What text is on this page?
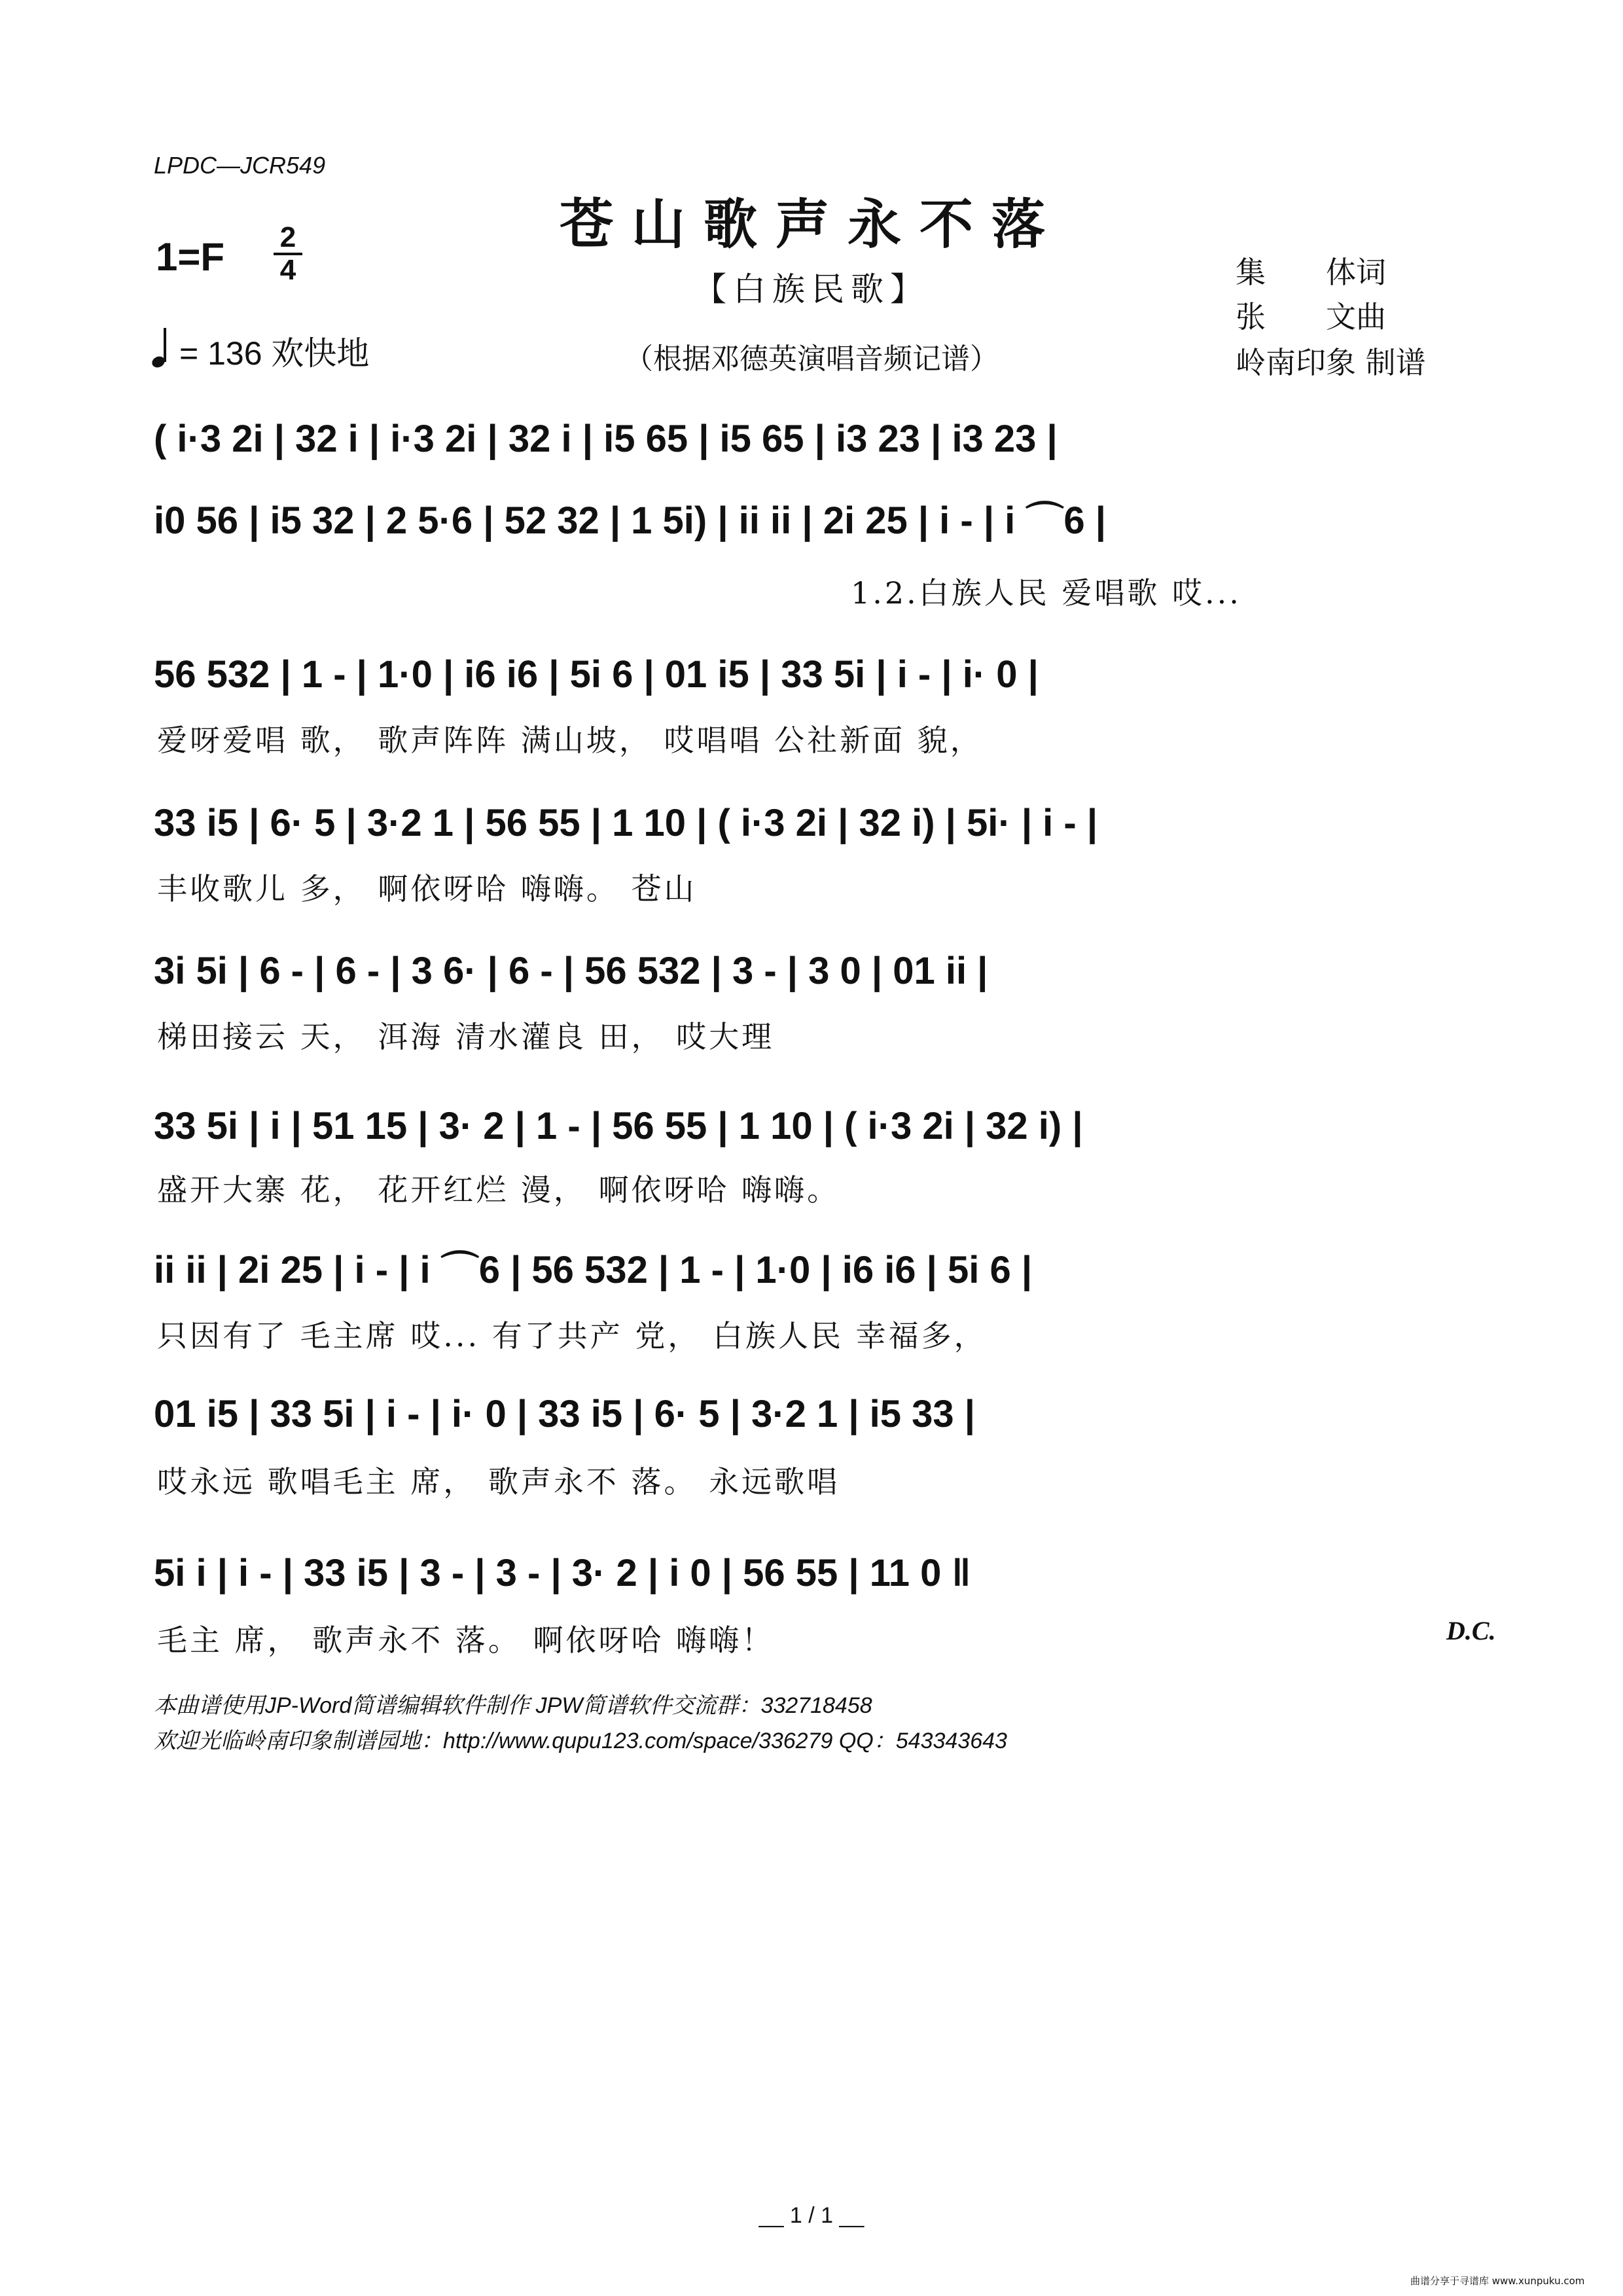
LPDC—JCR549
苍山歌声永不落
【白族民歌】
（根据邓德英演唱音频记谱）
1=F 2
4
= 136 欢快地
集　　体词
张　　文曲
岭南印象 制谱
( i·3 2i | 32 i | i·3 2i | 32 i | i5 65 | i5 65 | i3 23 | i3 23 |
i0 56 | i5 32 | 2 5·6 | 52 32 | 1 5i) | ii ii | 2i 25 | i - | i ⌒6 |
1.2.白族人民 爱唱歌 哎...
56 532 | 1 - | 1·0 | i6 i6 | 5i 6 | 01 i5 | 33 5i | i - | i· 0 |
爱呀爱唱 歌， 歌声阵阵 满山坡， 哎唱唱 公社新面 貌，
33 i5 | 6· 5 | 3·2 1 | 56 55 | 1 10 | ( i·3 2i | 32 i) | 5i· | i - |
丰收歌儿 多， 啊依呀哈 嗨嗨。 苍山
3i 5i | 6 - | 6 - | 3 6· | 6 - | 56 532 | 3 - | 3 0 | 01 ii |
梯田接云 天， 洱海 清水灌良 田， 哎大理
33 5i | i | 51 15 | 3· 2 | 1 - | 56 55 | 1 10 | ( i·3 2i | 32 i) |
盛开大寨 花， 花开红烂 漫， 啊依呀哈 嗨嗨。
ii ii | 2i 25 | i - | i ⌒6 | 56 532 | 1 - | 1·0 | i6 i6 | 5i 6 |
只因有了 毛主席 哎... 有了共产 党， 白族人民 幸福多，
01 i5 | 33 5i | i - | i· 0 | 33 i5 | 6· 5 | 3·2 1 | i5 33 |
哎永远 歌唱毛主 席， 歌声永不 落。 永远歌唱
5i i | i - | 33 i5 | 3 - | 3 - | 3· 2 | i 0 | 56 55 | 11 0 ‖
毛主 席， 歌声永不 落。 啊依呀哈 嗨嗨！	D.C.
本曲谱使用JP-Word简谱编辑软件制作 JPW简谱软件交流群：332718458
欢迎光临岭南印象制谱园地：http://www.qupu123.com/space/336279 QQ：543343643
__ 1 / 1 __
曲谱分享于寻谱库 www.xunpuku.com
